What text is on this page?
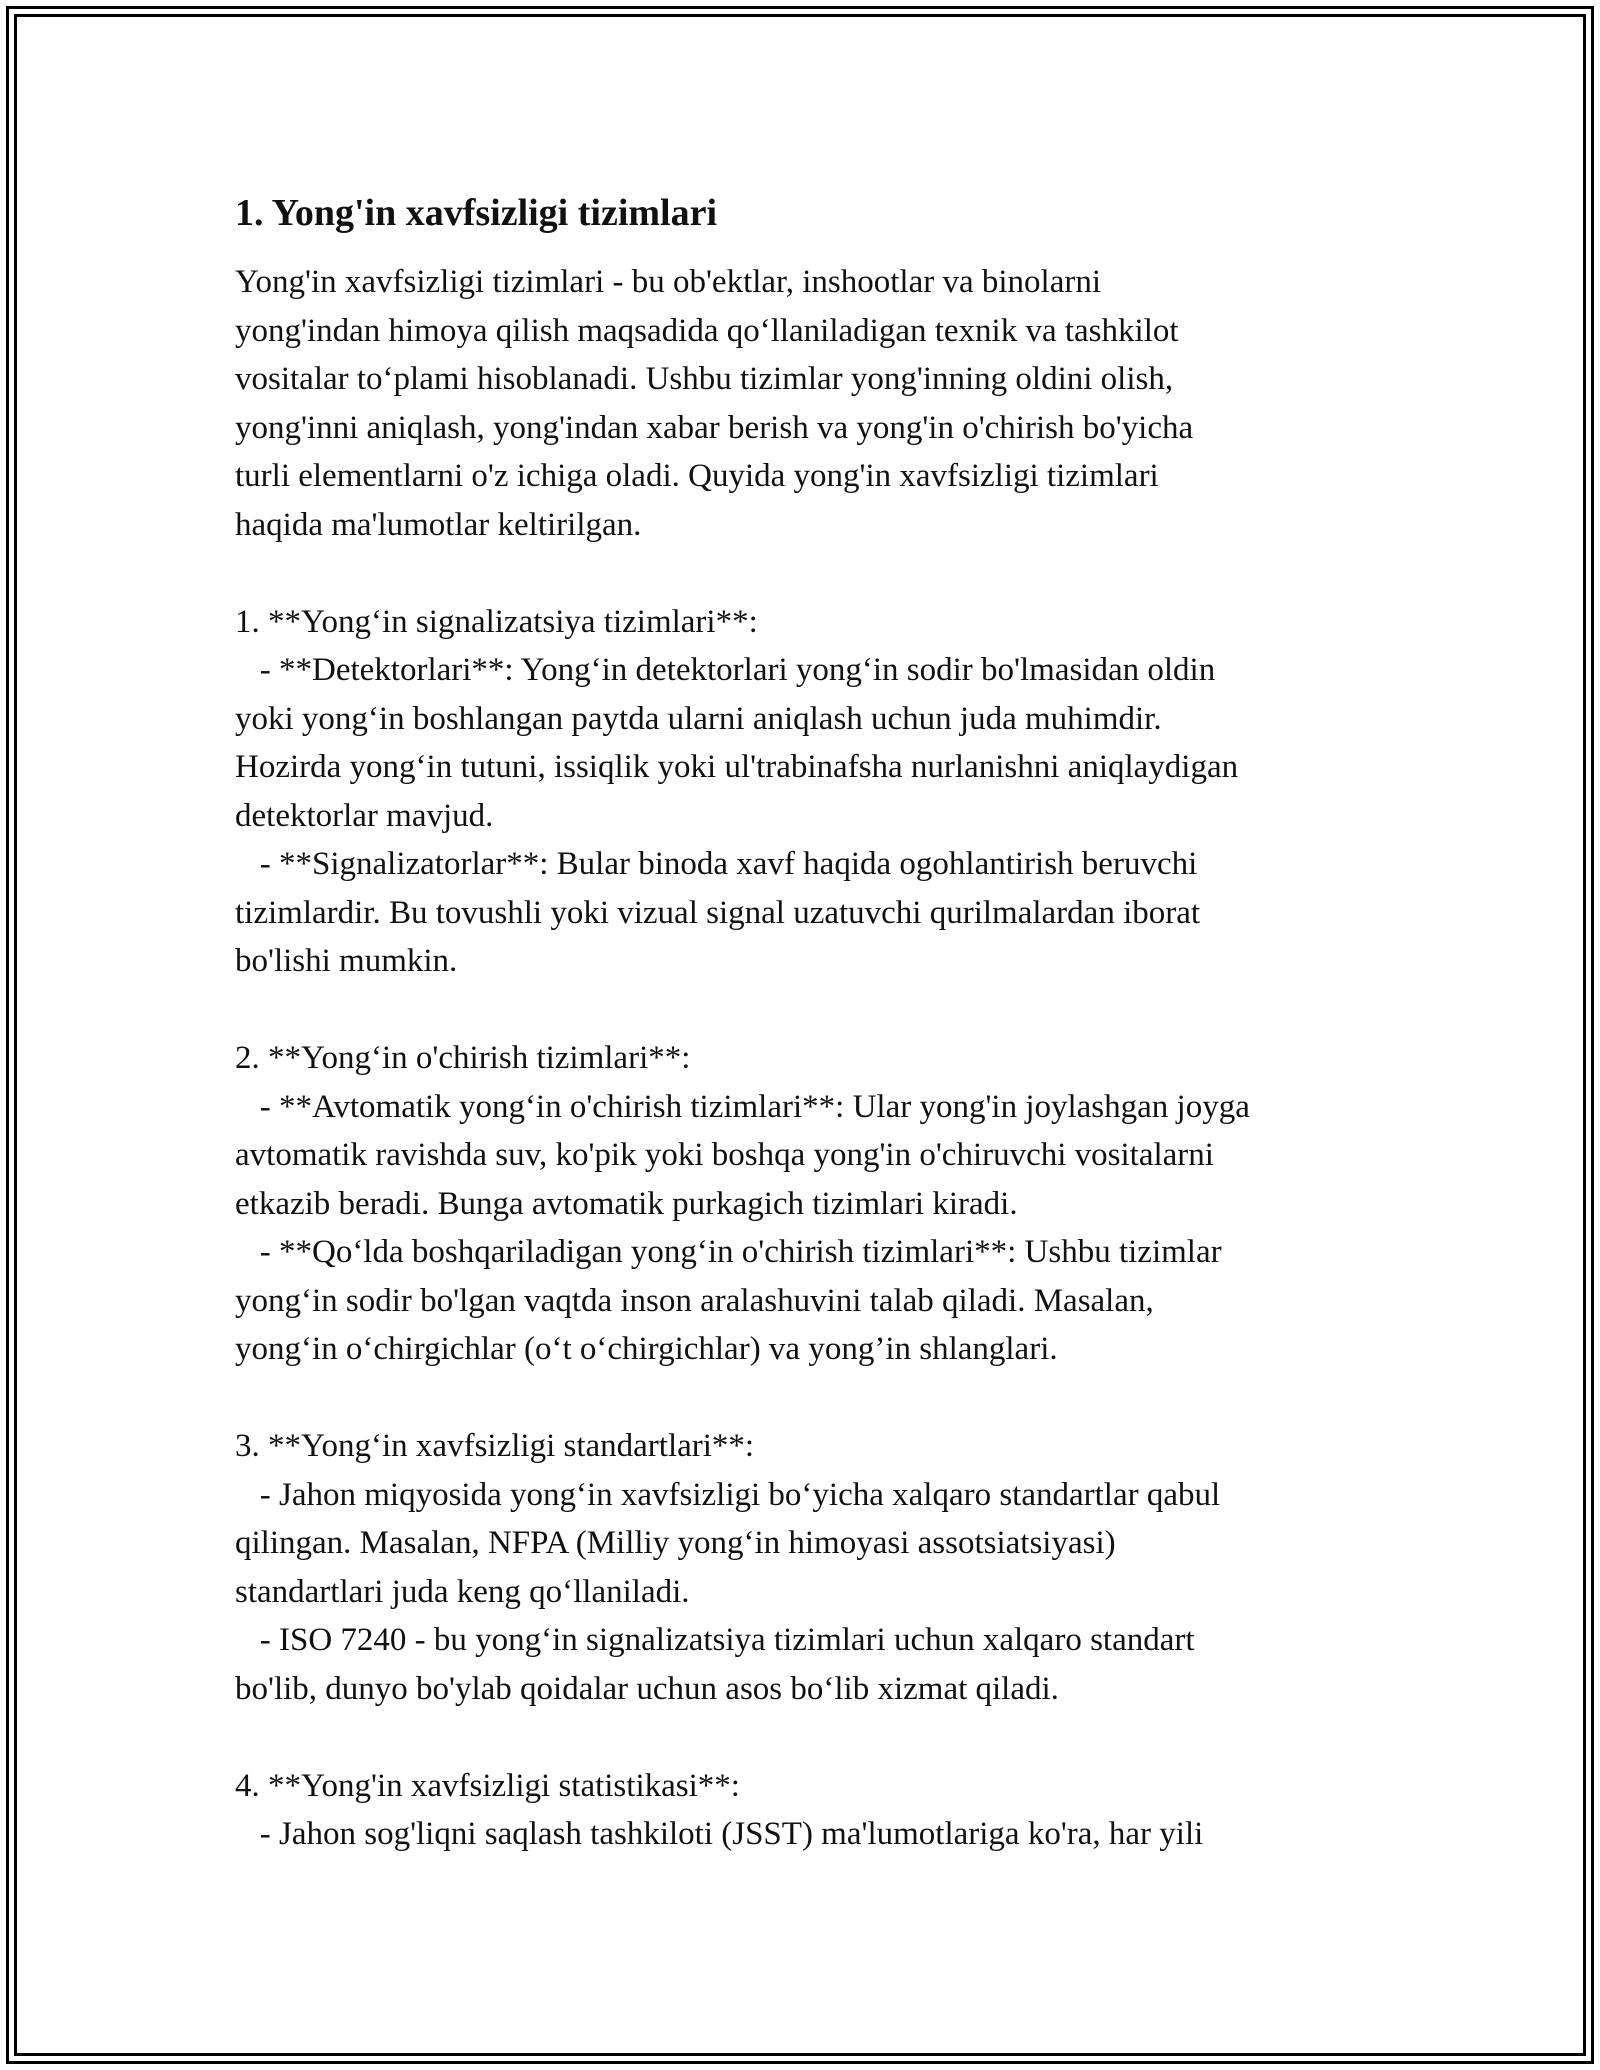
1. Yong'in xavfsizligi tizimlari
Yong'in xavfsizligi tizimlari - bu ob'ektlar, inshootlar va binolarni
yong'indan himoya qilish maqsadida qo‘llaniladigan texnik va tashkilot
vositalar to‘plami hisoblanadi. Ushbu tizimlar yong'inning oldini olish,
yong'inni aniqlash, yong'indan xabar berish va yong'in o'chirish bo'yicha
turli elementlarni o'z ichiga oladi. Quyida yong'in xavfsizligi tizimlari
haqida ma'lumotlar keltirilgan.
1. **Yong‘in signalizatsiya tizimlari**:
- **Detektorlari**: Yong‘in detektorlari yong‘in sodir bo'lmasidan oldin
yoki yong‘in boshlangan paytda ularni aniqlash uchun juda muhimdir.
Hozirda yong‘in tutuni, issiqlik yoki ul'trabinafsha nurlanishni aniqlaydigan
detektorlar mavjud.
- **Signalizatorlar**: Bular binoda xavf haqida ogohlantirish beruvchi
tizimlardir. Bu tovushli yoki vizual signal uzatuvchi qurilmalardan iborat
bo'lishi mumkin.
2. **Yong‘in o'chirish tizimlari**:
- **Avtomatik yong‘in o'chirish tizimlari**: Ular yong'in joylashgan joyga
avtomatik ravishda suv, ko'pik yoki boshqa yong'in o'chiruvchi vositalarni
etkazib beradi. Bunga avtomatik purkagich tizimlari kiradi.
- **Qo‘lda boshqariladigan yong‘in o'chirish tizimlari**: Ushbu tizimlar
yong‘in sodir bo'lgan vaqtda inson aralashuvini talab qiladi. Masalan,
yong‘in o‘chirgichlar (o‘t o‘chirgichlar) va yong’in shlanglari.
3. **Yong‘in xavfsizligi standartlari**:
- Jahon miqyosida yong‘in xavfsizligi bo‘yicha xalqaro standartlar qabul
qilingan. Masalan, NFPA (Milliy yong‘in himoyasi assotsiatsiyasi)
standartlari juda keng qo‘llaniladi.
- ISO 7240 - bu yong‘in signalizatsiya tizimlari uchun xalqaro standart
bo'lib, dunyo bo'ylab qoidalar uchun asos bo‘lib xizmat qiladi.
4. **Yong'in xavfsizligi statistikasi**:
- Jahon sog'liqni saqlash tashkiloti (JSST) ma'lumotlariga ko'ra, har yili
